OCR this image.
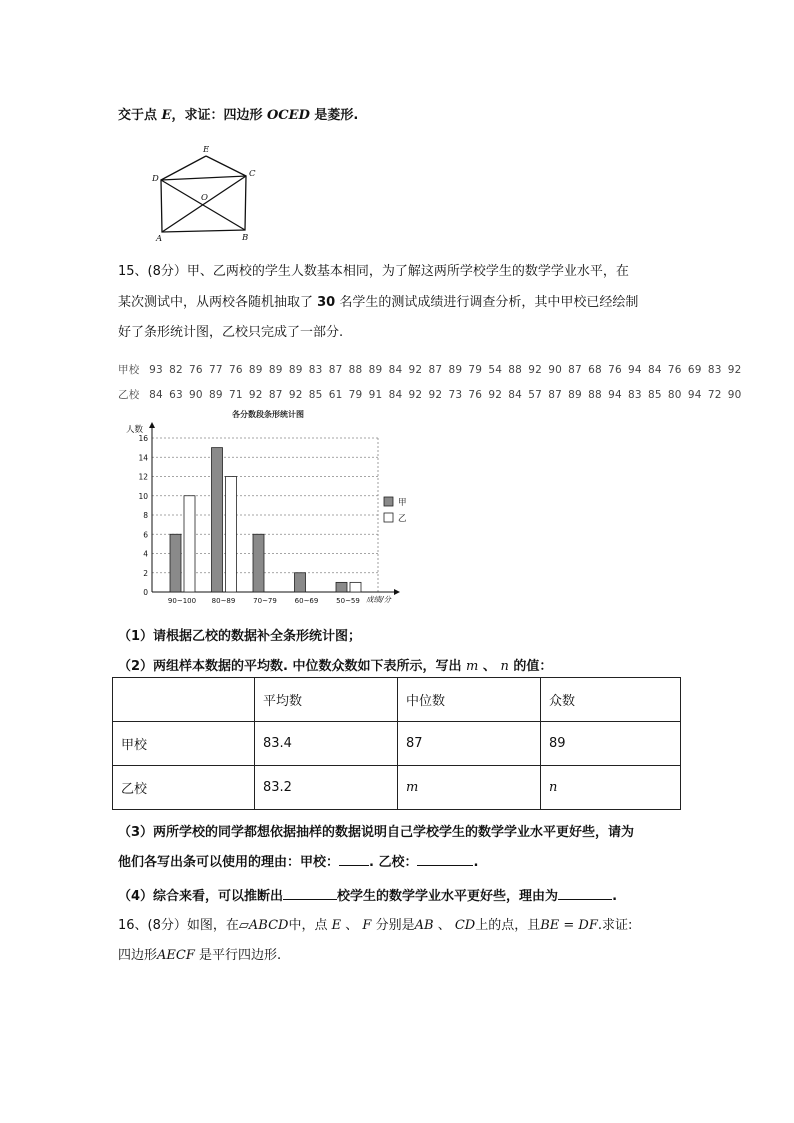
交于点 E，求证：四边形 OCED 是菱形.
E
D	C
O
A	B
15、(8分）甲、乙两校的学生人数基本相同，为了解这两所学校学生的数学学业水平，在
某次测试中，从两校各随机抽取了 30 名学生的测试成绩进行调查分析，其中甲校已经绘制
好了条形统计图，乙校只完成了一部分.
甲校 93 82 76 77 76 89 89 89 83 87 88 89 84 92 87 89 79 54 88 92 90 87 68 76 94 84 76 69 83 92
乙校 84 63 90 89 71 92 87 92 85 61 79 91 84 92 92 73 76 92 84 57 87 89 88 94 83 85 80 94 72 90
各分数段条形统计图
人数
0
2
4
6
8
10
12
14
16
成绩/分
90~100 80~89	70~79	60~69	50~59
甲
乙
（1）请根据乙校的数据补全条形统计图；
（2）两组样本数据的平均数. 中位数众数如下表所示，写出 m 、 n 的值：
	平均数	中位数	众数
甲校	83.4	87	89
乙校	83.2	m	n
（3）两所学校的同学都想依据抽样的数据说明自己学校学生的数学学业水平更好些，请为
他们各写出条可以使用的理由：甲校： . 乙校：	.
（4）综合来看，可以推断出	校学生的数学学业水平更好些，理由为	.
16、(8分）如图，在▱ABCD中，点 E 、 F 分别是AB 、 CD上的点，且BE = DF.求证:
四边形AECF 是平行四边形.
